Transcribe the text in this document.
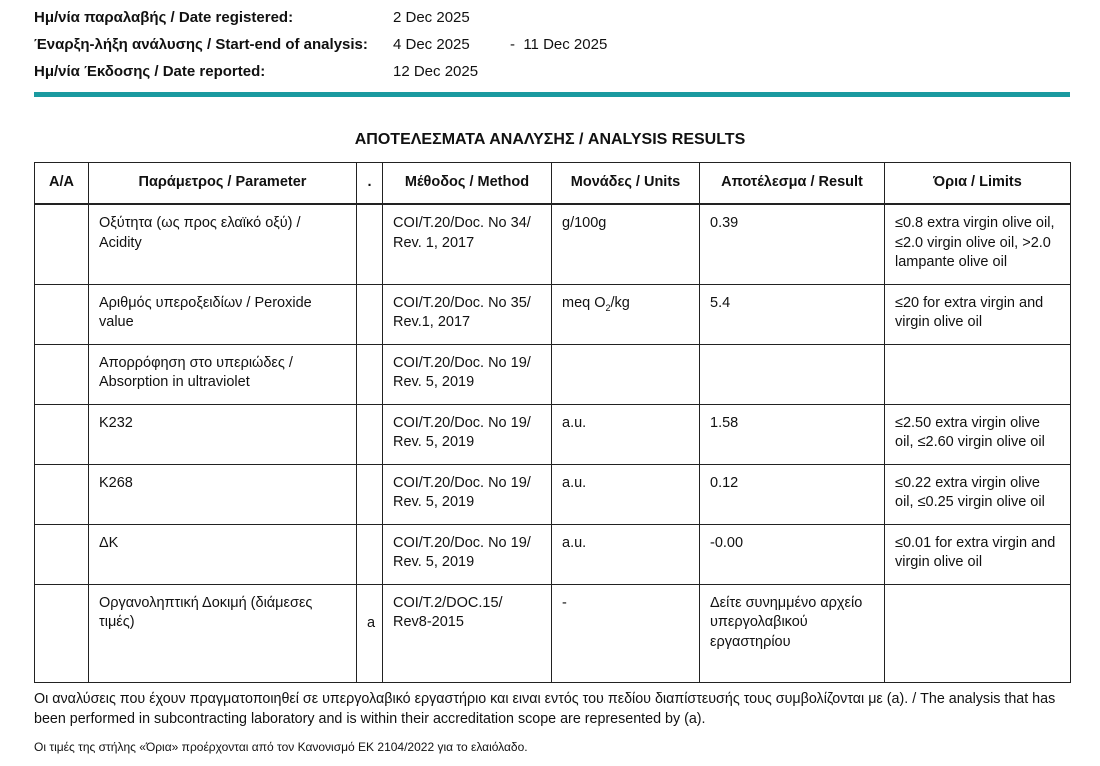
Ημ/νία παραλαβής / Date registered:	2 Dec 2025
Έναρξη-λήξη ανάλυσης / Start-end of analysis: 4 Dec 2025	-  11 Dec 2025
Ημ/νία Έκδοσης / Date reported:	12 Dec 2025
ΑΠΟΤΕΛΕΣΜΑΤΑ ΑΝΑΛΥΣΗΣ / ANALYSIS RESULTS
Α/Α	Παράμετρος / Parameter	.	Μέθοδος / Method	Μονάδες / Units	Αποτέλεσμα / Result	Όρια / Limits
	Οξύτητα (ως προς ελαϊκό οξύ) / Acidity		COI/T.20/Doc. No 34/ Rev. 1, 2017	g/100g	0.39	≤0.8 extra virgin olive oil, ≤2.0 virgin olive oil, >2.0 lampante olive oil
	Αριθμός υπεροξειδίων / Peroxide value		COI/T.20/Doc. No 35/ Rev.1, 2017	meq $O_2/kg$	5.4	≤20 for extra virgin and virgin olive oil
	Απορρόφηση στο υπεριώδες / Absorption in ultraviolet		COI/T.20/Doc. No 19/ Rev. 5, 2019			
	K232		COI/T.20/Doc. No 19/ Rev. 5, 2019	a.u.	1.58	≤2.50 extra virgin olive oil, ≤2.60 virgin olive oil
	K268		COI/T.20/Doc. No 19/ Rev. 5, 2019	a.u.	0.12	≤0.22 extra virgin olive oil, ≤0.25 virgin olive oil
	ΔK		COI/T.20/Doc. No 19/ Rev. 5, 2019	a.u.	-0.00	≤0.01 for extra virgin and virgin olive oil
	Οργανοληπτική Δοκιμή (διάμεσες τιμές)	a	COI/T.2/DOC.15/ Rev8-2015	-	Δείτε συνημμένο αρχείο υπεργολαβικού εργαστηρίου	
Οι αναλύσεις που έχουν πραγματοποιηθεί σε υπεργολαβικό εργαστήριο και ειναι εντός του πεδίου διαπίστευσής τους συμβολίζονται με (a). / The analysis that has been performed in subcontracting laboratory and is within their accreditation scope are represented by (a).
Οι τιμές της στήλης «Όρια» προέρχονται από τον Κανονισμό ΕΚ 2104/2022 για το ελαιόλαδο.
